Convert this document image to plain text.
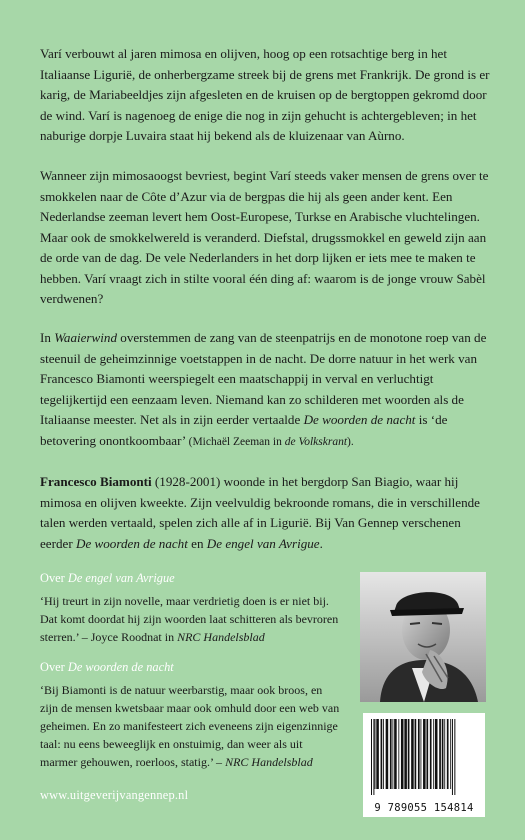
Varí verbouwt al jaren mimosa en olijven, hoog op een rotsachtige berg in het Italiaanse Ligurië, de onherbergzame streek bij de grens met Frankrijk. De grond is er karig, de Mariabeeldjes zijn afgesleten en de kruisen op de bergtoppen gekromd door de wind. Varí is nagenoeg de enige die nog in zijn gehucht is achtergebleven; in het naburige dorpje Luvaira staat hij bekend als de kluizenaar van Aùrno.

Wanneer zijn mimosaoogst bevriest, begint Varí steeds vaker mensen de grens over te smokkelen naar de Côte d’Azur via de bergpas die hij als geen ander kent. Een Nederlandse zeeman levert hem Oost-Europese, Turkse en Arabische vluchtelingen. Maar ook de smokkelwereld is veranderd. Diefstal, drugssmokkel en geweld zijn aan de orde van de dag. De vele Nederlanders in het dorp lijken er iets mee te maken te hebben. Varí vraagt zich in stilte vooral één ding af: waarom is de jonge vrouw Sabèl verdwenen?

In Waaierwind overstemmen de zang van de steenpatrijs en de monotone roep van de steenuil de geheimzinnige voetstappen in de nacht. De dorre natuur in het werk van Francesco Biamonti weerspiegelt een maatschappij in verval en verluchtigt tegelijkertijd een eenzaam leven. Niemand kan zo schilderen met woorden als de Italiaanse meester. Net als in zijn eerder vertaalde De woorden de nacht is ‘de betovering onontkoombaar’ (Michaël Zeeman in de Volkskrant).

Francesco Biamonti (1928-2001) woonde in het bergdorp San Biagio, waar hij mimosa en olijven kweekte. Zijn veelvuldig bekroonde romans, die in verschillende talen werden vertaald, spelen zich alle af in Ligurië. Bij Van Gennep verschenen eerder De woorden de nacht en De engel van Avrigue.

Over De engel van Avrigue

‘Hij treurt in zijn novelle, maar verdrietig doen is er niet bij. Dat komt doordat hij zijn woorden laat schitteren als bevroren sterren.’ – Joyce Roodnat in NRC Handelsblad

Over De woorden de nacht

‘Bij Biamonti is de natuur weerbarstig, maar ook broos, en zijn de mensen kwetsbaar maar ook omhuld door een web van geheimen. En zo manifesteert zich eveneens zijn eigenzinnige taal: nu eens beweeglijk en onstuimig, dan weer als uit marmer gehouwen, roerloos, statig.’ – NRC Handelsblad

www.uitgeverijvangennep.nl
9 789055 154814
